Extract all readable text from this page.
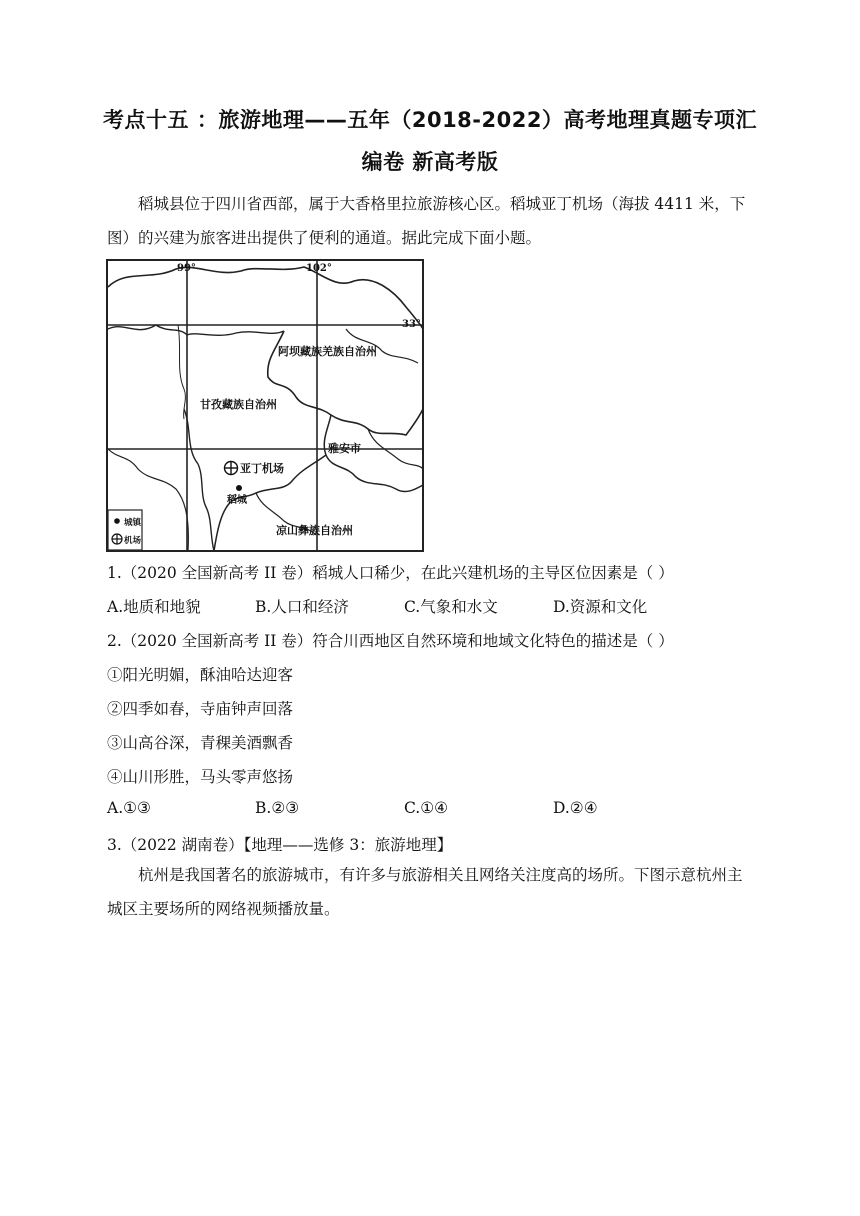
考点十五 ：旅游地理——五年（2018-2022）高考地理真题专项汇
编卷 新高考版
稻城县位于四川省西部，属于大香格里拉旅游核心区。稻城亚丁机场（海拔 4411 米，下图）的兴建为旅客进出提供了便利的通道。据此完成下面小题。
99°	102°
33°
阿坝藏族羌族自治州
甘孜藏族自治州
雅安市
凉山彝族自治州
亚丁机场
稻城
城镇
机场
1.（2020 全国新高考 II 卷）稻城人口稀少，在此兴建机场的主导区位因素是（ ）
A.地质和地貌	B.人口和经济	C.气象和水文	D.资源和文化
2.（2020 全国新高考 II 卷）符合川西地区自然环境和地域文化特色的描述是（ ）
①阳光明媚，酥油哈达迎客
②四季如春，寺庙钟声回落
③山高谷深，青稞美酒飘香
④山川形胜，马头零声悠扬
A.①③	B.②③	C.①④	D.②④
3.（2022 湖南卷）【地理——选修 3：旅游地理】
杭州是我国著名的旅游城市，有许多与旅游相关且网络关注度高的场所。下图示意杭州主城区主要场所的网络视频播放量。
